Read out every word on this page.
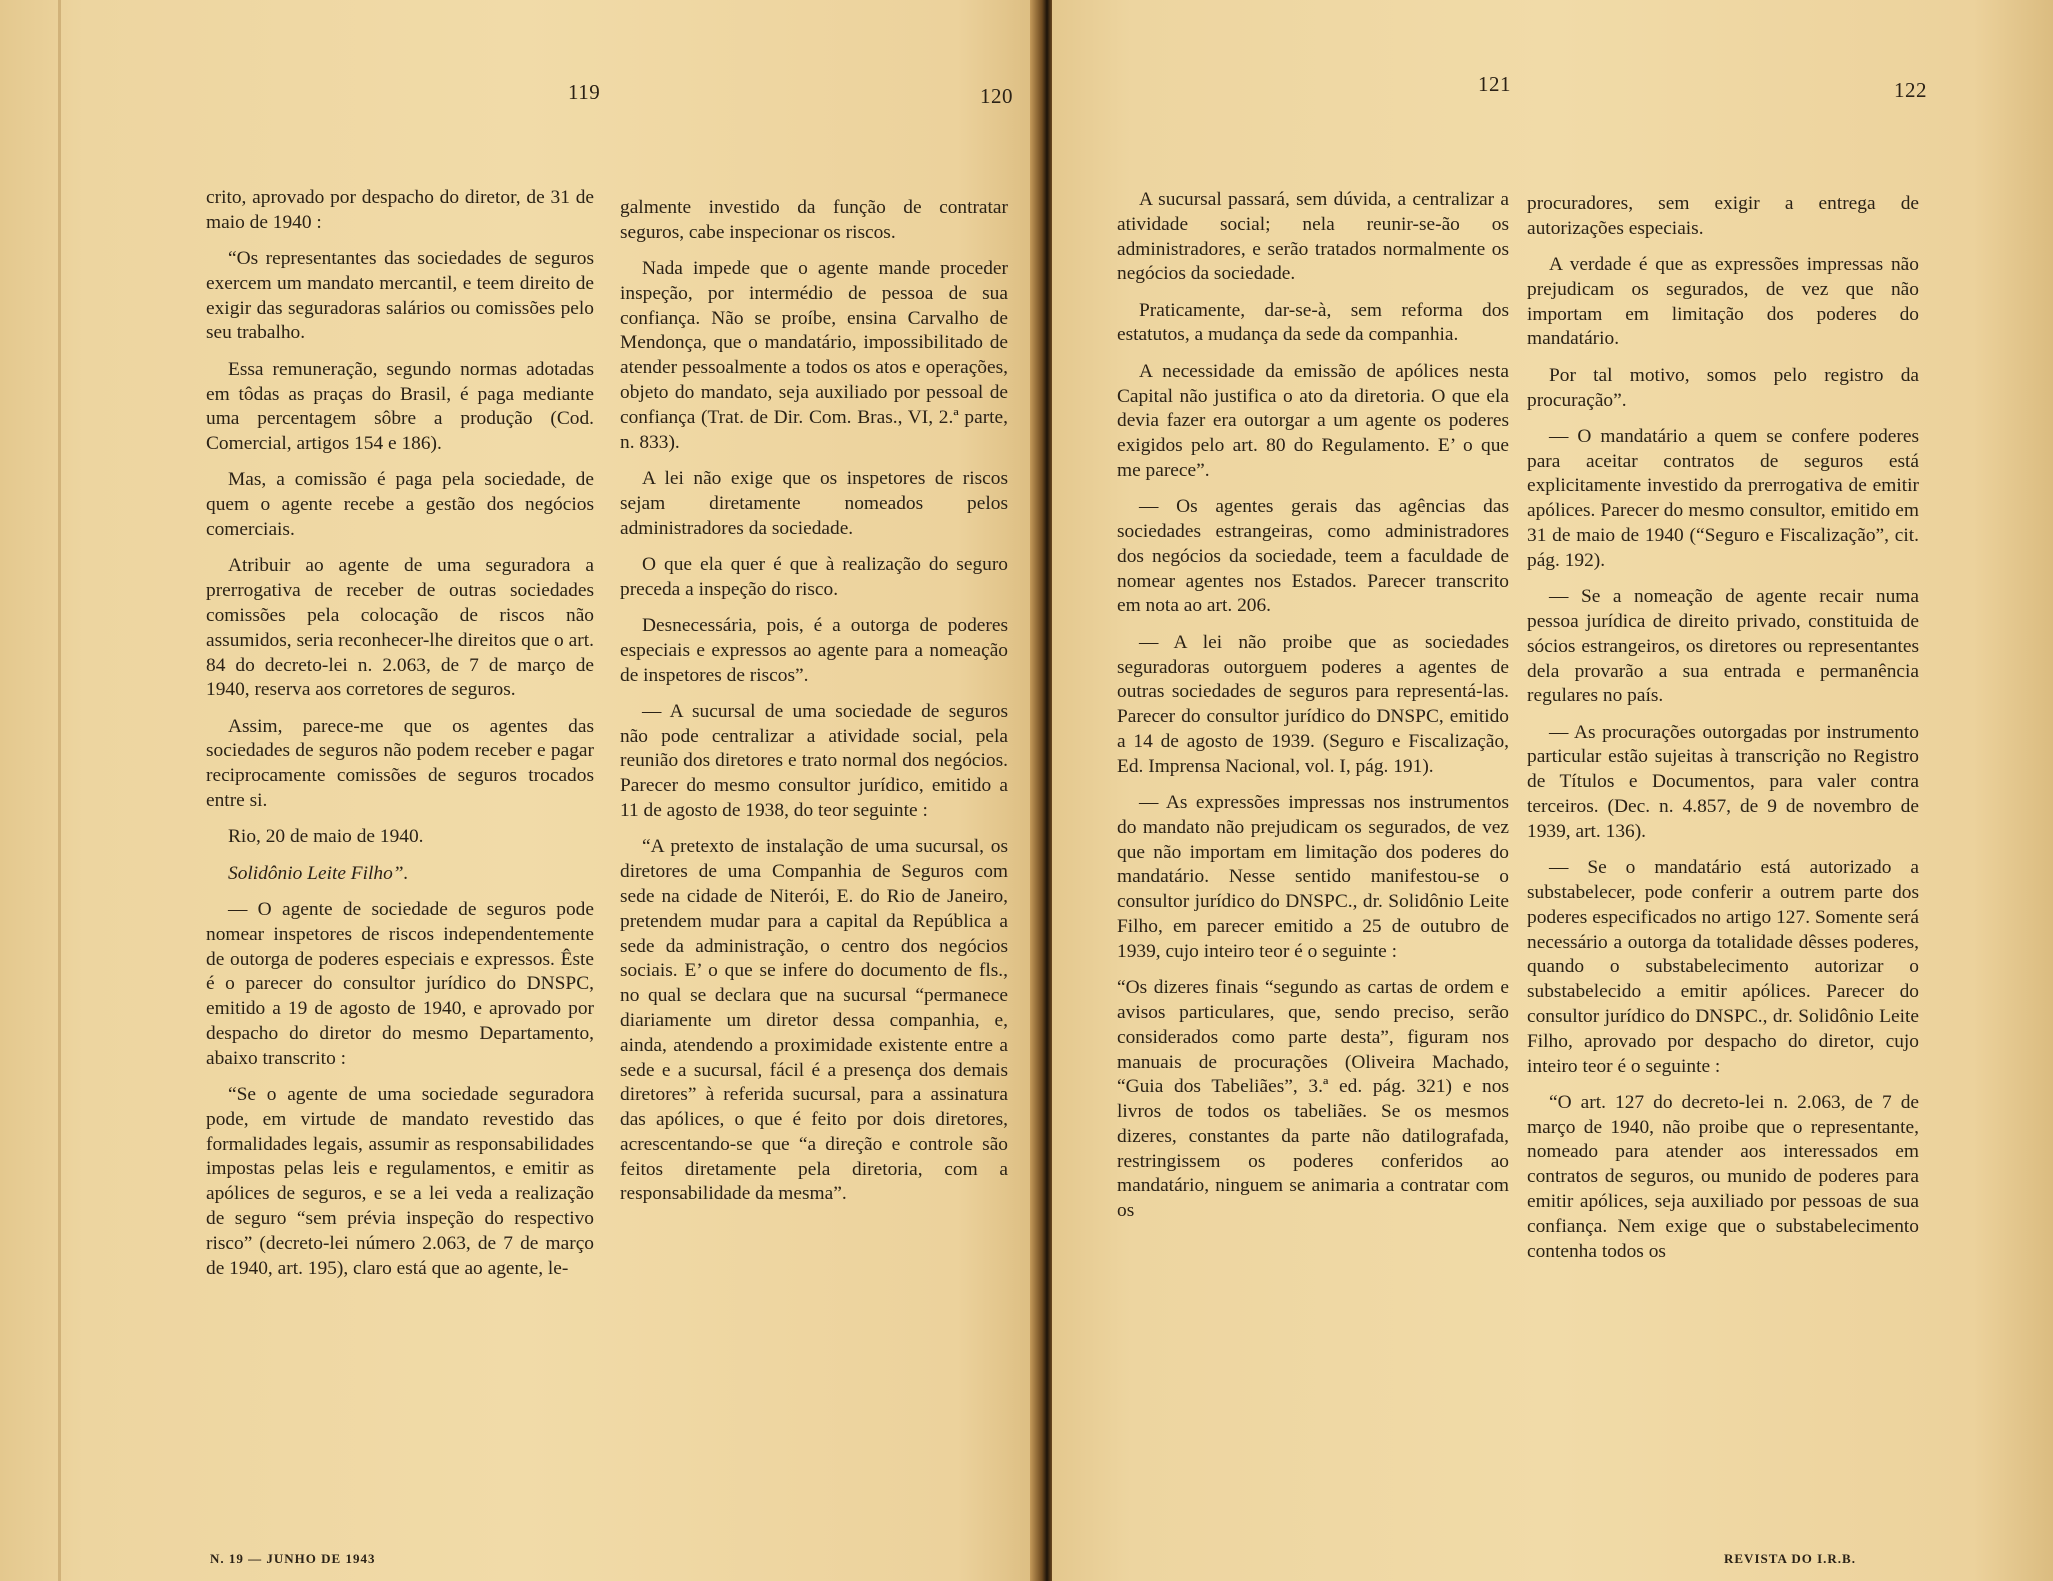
119	120

crito, aprovado por despacho do diretor, de 31 de maio de 1940 :

“Os representantes das sociedades de seguros exercem um mandato mercantil, e teem direito de exigir das seguradoras salários ou comissões pelo seu trabalho.

Essa remuneração, segundo normas adotadas em tôdas as praças do Brasil, é paga mediante uma percentagem sôbre a produção (Cod. Comercial, artigos 154 e 186).

Mas, a comissão é paga pela sociedade, de quem o agente recebe a gestão dos negócios comerciais.

Atribuir ao agente de uma seguradora a prerrogativa de receber de outras sociedades comissões pela colocação de riscos não assumidos, seria reconhecer-lhe direitos que o art. 84 do decreto-lei n. 2.063, de 7 de março de 1940, reserva aos corretores de seguros.

Assim, parece-me que os agentes das sociedades de seguros não podem receber e pagar reciprocamente comissões de seguros trocados entre si.

Rio, 20 de maio de 1940.

Solidônio Leite Filho”.

— O agente de sociedade de seguros pode nomear inspetores de riscos independentemente de outorga de poderes especiais e expressos. Êste é o parecer do consultor jurídico do DNSPC, emitido a 19 de agosto de 1940, e aprovado por despacho do diretor do mesmo Departamento, abaixo transcrito :

“Se o agente de uma sociedade seguradora pode, em virtude de mandato revestido das formalidades legais, assumir as responsabilidades impostas pelas leis e regulamentos, e emitir as apólices de seguros, e se a lei veda a realização de seguro “sem prévia inspeção do respectivo risco” (decreto-lei número 2.063, de 7 de março de 1940, art. 195), claro está que ao agente, le-

galmente investido da função de contratar seguros, cabe inspecionar os riscos.

Nada impede que o agente mande proceder inspeção, por intermédio de pessoa de sua confiança. Não se proíbe, ensina Carvalho de Mendonça, que o mandatário, impossibilitado de atender pessoalmente a todos os atos e operações, objeto do mandato, seja auxiliado por pessoal de confiança (Trat. de Dir. Com. Bras., VI, 2.ª parte, n. 833).

A lei não exige que os inspetores de riscos sejam diretamente nomeados pelos administradores da sociedade.

O que ela quer é que à realização do seguro preceda a inspeção do risco.

Desnecessária, pois, é a outorga de poderes especiais e expressos ao agente para a nomeação de inspetores de riscos”.

— A sucursal de uma sociedade de seguros não pode centralizar a atividade social, pela reunião dos diretores e trato normal dos negócios. Parecer do mesmo consultor jurídico, emitido a 11 de agosto de 1938, do teor seguinte :

“A pretexto de instalação de uma sucursal, os diretores de uma Companhia de Seguros com sede na cidade de Niterói, E. do Rio de Janeiro, pretendem mudar para a capital da República a sede da administração, o centro dos negócios sociais. E’ o que se infere do documento de fls., no qual se declara que na sucursal “permanece diariamente um diretor dessa companhia, e, ainda, atendendo a proximidade existente entre a sede e a sucursal, fácil é a presença dos demais diretores” à referida sucursal, para a assinatura das apólices, o que é feito por dois diretores, acrescentando-se que “a direção e controle são feitos diretamente pela diretoria, com a responsabilidade da mesma”.

N. 19 — JUNHO DE 1943
121	122

A sucursal passará, sem dúvida, a centralizar a atividade social; nela reunir-se-ão os administradores, e serão tratados normalmente os negócios da sociedade.

Praticamente, dar-se-à, sem reforma dos estatutos, a mudança da sede da companhia.

A necessidade da emissão de apólices nesta Capital não justifica o ato da diretoria. O que ela devia fazer era outorgar a um agente os poderes exigidos pelo art. 80 do Regulamento. E’ o que me parece”.

— Os agentes gerais das agências das sociedades estrangeiras, como administradores dos negócios da sociedade, teem a faculdade de nomear agentes nos Estados. Parecer transcrito em nota ao art. 206.

— A lei não proibe que as sociedades seguradoras outorguem poderes a agentes de outras sociedades de seguros para representá-las. Parecer do consultor jurídico do DNSPC, emitido a 14 de agosto de 1939. (Seguro e Fiscalização, Ed. Imprensa Nacional, vol. I, pág. 191).

— As expressões impressas nos instrumentos do mandato não prejudicam os segurados, de vez que não importam em limitação dos poderes do mandatário. Nesse sentido manifestou-se o consultor jurídico do DNSPC., dr. Solidônio Leite Filho, em parecer emitido a 25 de outubro de 1939, cujo inteiro teor é o seguinte :

“Os dizeres finais “segundo as cartas de ordem e avisos particulares, que, sendo preciso, serão considerados como parte desta”, figuram nos manuais de procurações (Oliveira Machado, “Guia dos Tabeliães”, 3.ª ed. pág. 321) e nos livros de todos os tabeliães. Se os mesmos dizeres, constantes da parte não datilografada, restringissem os poderes conferidos ao mandatário, ninguem se animaria a contratar com os

procuradores, sem exigir a entrega de autorizações especiais.

A verdade é que as expressões impressas não prejudicam os segurados, de vez que não importam em limitação dos poderes do mandatário.

Por tal motivo, somos pelo registro da procuração”.

— O mandatário a quem se confere poderes para aceitar contratos de seguros está explicitamente investido da prerrogativa de emitir apólices. Parecer do mesmo consultor, emitido em 31 de maio de 1940 (“Seguro e Fiscalização”, cit. pág. 192).

— Se a nomeação de agente recair numa pessoa jurídica de direito privado, constituida de sócios estrangeiros, os diretores ou representantes dela provarão a sua entrada e permanência regulares no país.

— As procurações outorgadas por instrumento particular estão sujeitas à transcrição no Registro de Títulos e Documentos, para valer contra terceiros. (Dec. n. 4.857, de 9 de novembro de 1939, art. 136).

— Se o mandatário está autorizado a substabelecer, pode conferir a outrem parte dos poderes especificados no artigo 127. Somente será necessário a outorga da totalidade dêsses poderes, quando o substabelecimento autorizar o substabelecido a emitir apólices. Parecer do consultor jurídico do DNSPC., dr. Solidônio Leite Filho, aprovado por despacho do diretor, cujo inteiro teor é o seguinte :

“O art. 127 do decreto-lei n. 2.063, de 7 de março de 1940, não proibe que o representante, nomeado para atender aos interessados em contratos de seguros, ou munido de poderes para emitir apólices, seja auxiliado por pessoas de sua confiança. Nem exige que o substabelecimento contenha todos os

REVISTA DO I.R.B.
